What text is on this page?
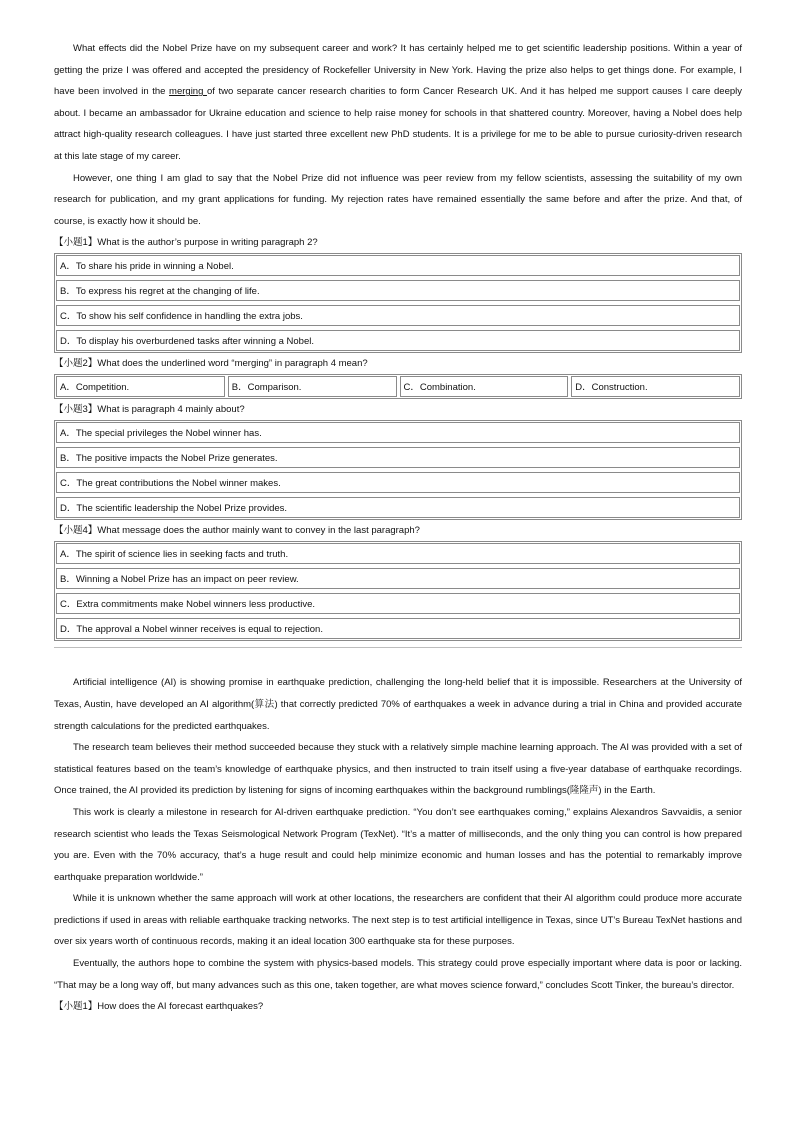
What effects did the Nobel Prize have on my subsequent career and work? It has certainly helped me to get scientific leadership positions. Within a year of getting the prize I was offered and accepted the presidency of Rockefeller University in New York. Having the prize also helps to get things done. For example, I have been involved in the merging of two separate cancer research charities to form Cancer Research UK. And it has helped me support causes I care deeply about. I became an ambassador for Ukraine education and science to help raise money for schools in that shattered country. Moreover, having a Nobel does help attract high-quality research colleagues. I have just started three excellent new PhD students. It is a privilege for me to be able to pursue curiosity-driven research at this late stage of my career.

However, one thing I am glad to say that the Nobel Prize did not influence was peer review from my fellow scientists, assessing the suitability of my own research for publication, and my grant applications for funding. My rejection rates have remained essentially the same before and after the prize. And that, of course, is exactly how it should be.

【小题1】What is the author’s purpose in writing paragraph 2?
A．To share his pride in winning a Nobel.
B．To express his regret at the changing of life.
C．To show his self confidence in handling the extra jobs.
D．To display his overburdened tasks after winning a Nobel.
【小题2】What does the underlined word “merging” in paragraph 4 mean?
A．Competition.	B．Comparison.	C．Combination.	D．Construction.
【小题3】What is paragraph 4 mainly about?
A．The special privileges the Nobel winner has.
B．The positive impacts the Nobel Prize generates.
C．The great contributions the Nobel winner makes.
D．The scientific leadership the Nobel Prize provides.
【小题4】What message does the author mainly want to convey in the last paragraph?
A．The spirit of science lies in seeking facts and truth.
B．Winning a Nobel Prize has an impact on peer review.
C．Extra commitments make Nobel winners less productive.
D．The approval a Nobel winner receives is equal to rejection.

Artificial intelligence (AI) is showing promise in earthquake prediction, challenging the long-held belief that it is impossible. Researchers at the University of Texas, Austin, have developed an AI algorithm(算法) that correctly predicted 70% of earthquakes a week in advance during a trial in China and provided accurate strength calculations for the predicted earthquakes.

The research team believes their method succeeded because they stuck with a relatively simple machine learning approach. The AI was provided with a set of statistical features based on the team’s knowledge of earthquake physics, and then instructed to train itself using a five-year database of earthquake recordings. Once trained, the AI provided its prediction by listening for signs of incoming earthquakes within the background rumblings(隆隆声) in the Earth.

This work is clearly a milestone in research for AI-driven earthquake prediction. “You don’t see earthquakes coming,” explains Alexandros Savvaidis, a senior research scientist who leads the Texas Seismological Network Program (TexNet). “It’s a matter of milliseconds, and the only thing you can control is how prepared you are. Even with the 70% accuracy, that’s a huge result and could help minimize economic and human losses and has the potential to remarkably improve earthquake preparation worldwide.”

While it is unknown whether the same approach will work at other locations, the researchers are confident that their AI algorithm could produce more accurate predictions if used in areas with reliable earthquake tracking networks. The next step is to test artificial intelligence in Texas, since UT’s Bureau TexNet hastions and over six years worth of continuous records, making it an ideal location 300 earthquake sta for these purposes.

Eventually, the authors hope to combine the system with physics-based models. This strategy could prove especially important where data is poor or lacking. “That may be a long way off, but many advances such as this one, taken together, are what moves science forward,” concludes Scott Tinker, the bureau’s director.

【小题1】How does the AI forecast earthquakes?
